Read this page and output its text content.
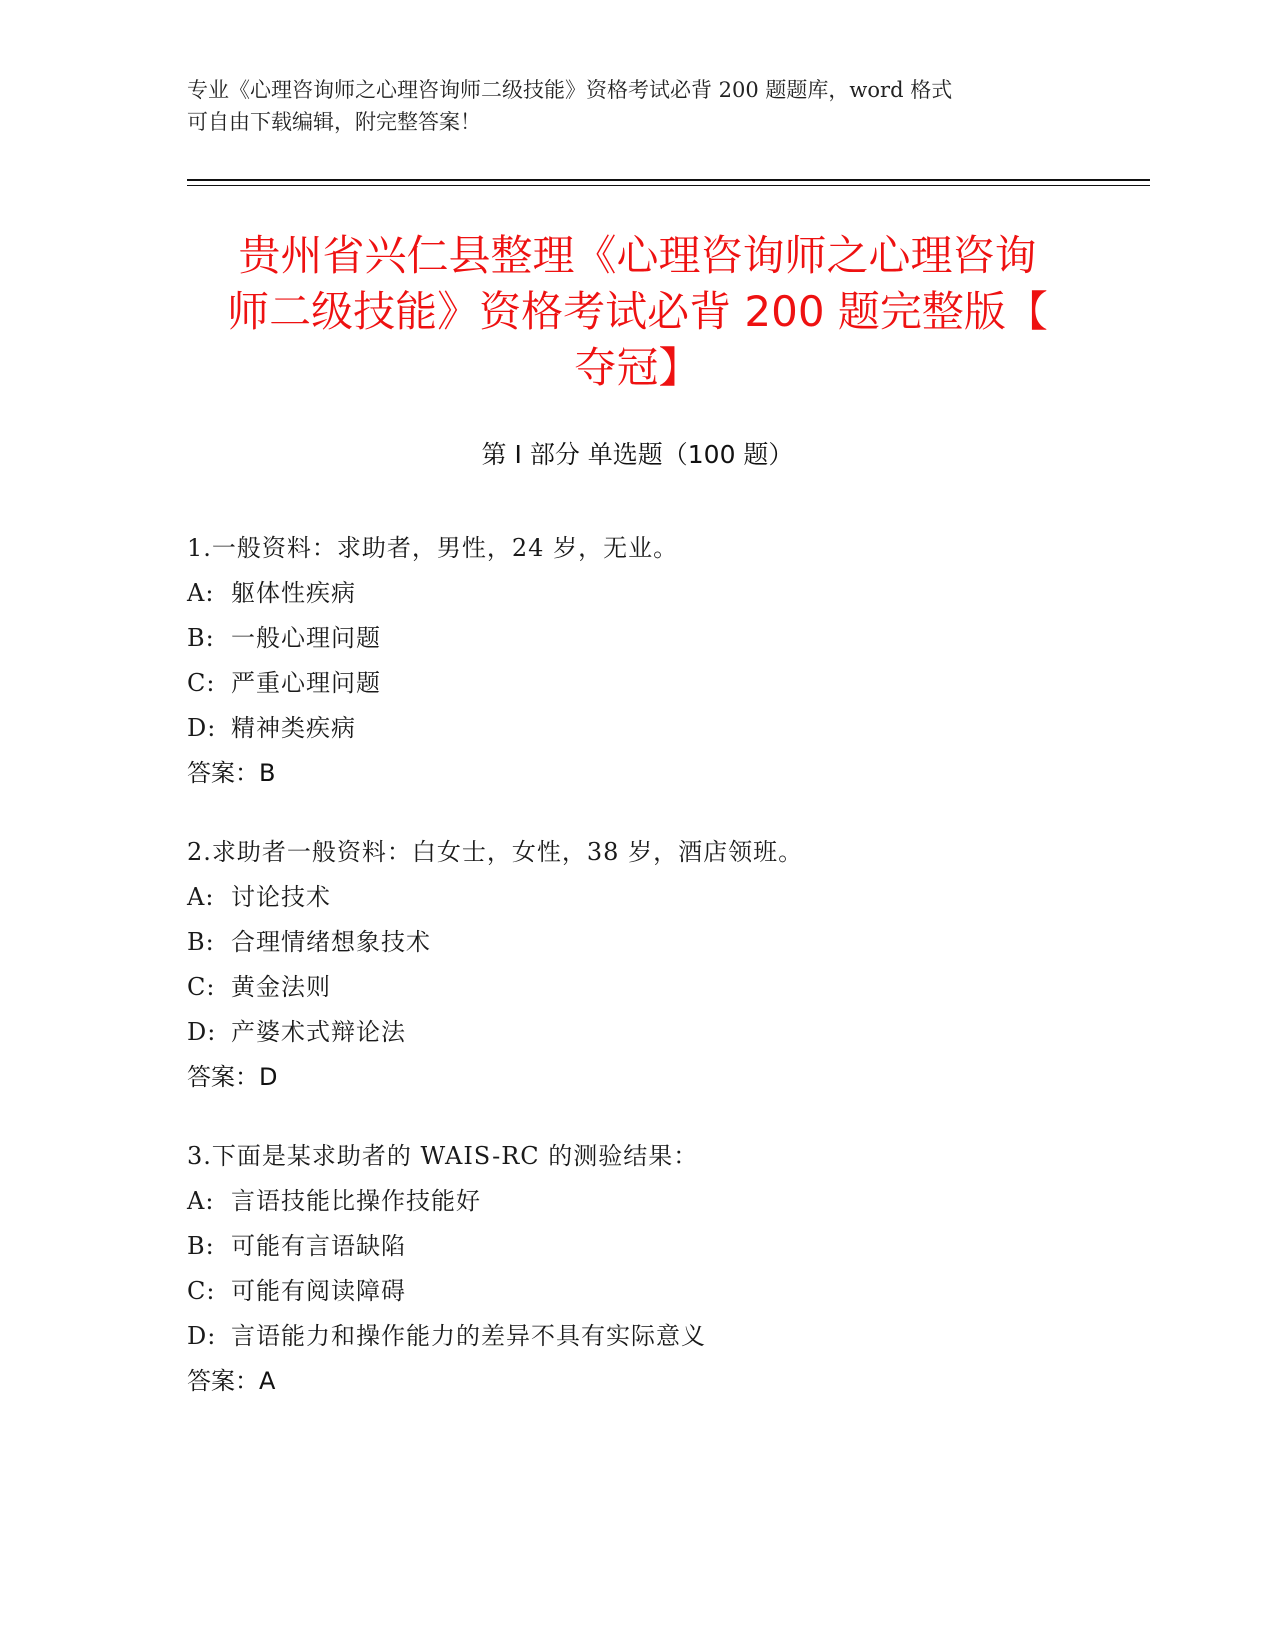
专业《心理咨询师之心理咨询师二级技能》资格考试必背 200 题题库，word 格式
可自由下载编辑，附完整答案！
贵州省兴仁县整理《心理咨询师之心理咨询
师二级技能》资格考试必背 200 题完整版【
夺冠】
第 I 部分 单选题（100 题）
1.一般资料：求助者，男性，24 岁，无业。
A: 躯体性疾病
B: 一般心理问题
C: 严重心理问题
D: 精神类疾病
答案：B
2.求助者一般资料：白女士，女性，38 岁，酒店领班。
A: 讨论技术
B: 合理情绪想象技术
C: 黄金法则
D: 产婆术式辩论法
答案：D
3.下面是某求助者的 WAIS-RC 的测验结果：
A: 言语技能比操作技能好
B: 可能有言语缺陷
C: 可能有阅读障碍
D: 言语能力和操作能力的差异不具有实际意义
答案：A
